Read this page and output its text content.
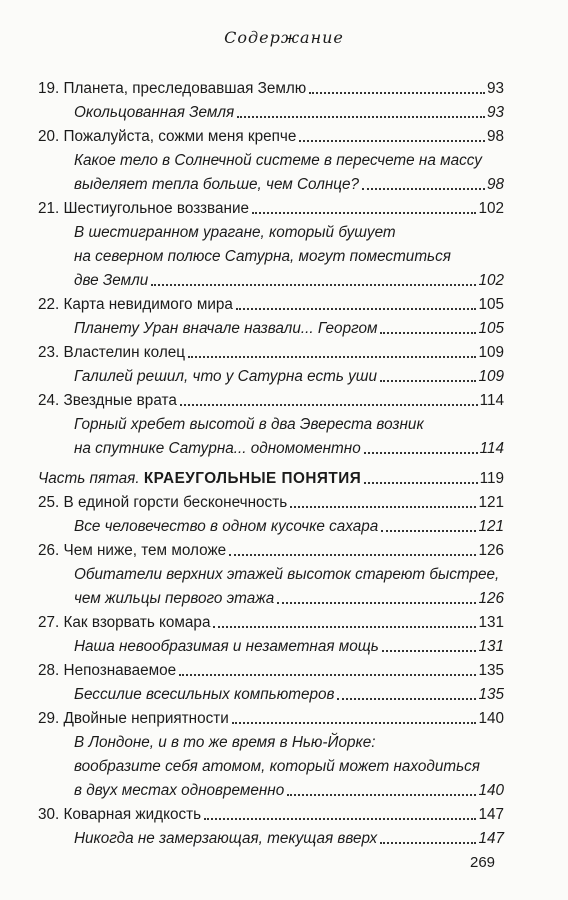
Содержание
19. Планета, преследовавшая Землю	93
Окольцованная Земля	93
20. Пожалуйста, сожми меня крепче	98
Какое тело в Солнечной системе в пересчете на массу
выделяет тепла больше, чем Солнце?	98
21. Шестиугольное воззвание	102
В шестигранном урагане, который бушует
на северном полюсе Сатурна, могут поместиться
две Земли	102
22. Карта невидимого мира	105
Планету Уран вначале назвали... Георгом	105
23. Властелин колец	109
Галилей решил, что у Сатурна есть уши	109
24. Звездные врата	114
Горный хребет высотой в два Эвереста возник
на спутнике Сатурна... одномоментно	114
Часть пятая. КРАЕУГОЛЬНЫЕ ПОНЯТИЯ	119
25. В единой горсти бесконечность	121
Все человечество в одном кусочке сахара	121
26. Чем ниже, тем моложе	126
Обитатели верхних этажей высоток стареют быстрее,
чем жильцы первого этажа	126
27. Как взорвать комара	131
Наша невообразимая и незаметная мощь	131
28. Непознаваемое	135
Бессилие всесильных компьютеров	135
29. Двойные неприятности	140
В Лондоне, и в то же время в Нью-Йорке:
вообразите себя атомом, который может находиться
в двух местах одновременно	140
30. Коварная жидкость	147
Никогда не замерзающая, текущая вверх	147
269
